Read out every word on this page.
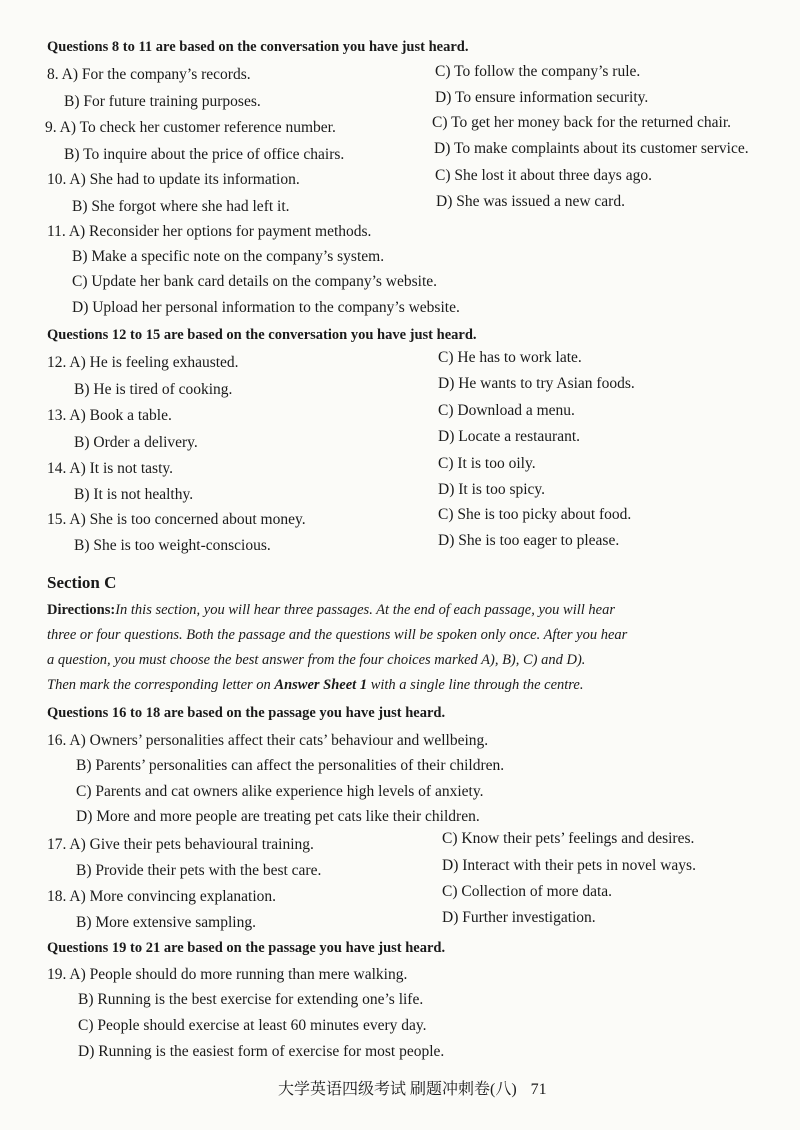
Questions 8 to 11 are based on the conversation you have just heard.
8. A) For the company’s records.	C) To follow the company’s rule.
B) For future training purposes.	D) To ensure information security.
9. A) To check her customer reference number.	C) To get her money back for the returned chair.
B) To inquire about the price of office chairs.	D) To make complaints about its customer service.
10. A) She had to update its information.	C) She lost it about three days ago.
B) She forgot where she had left it.	D) She was issued a new card.
11. A) Reconsider her options for payment methods.
B) Make a specific note on the company’s system.
C) Update her bank card details on the company’s website.
D) Upload her personal information to the company’s website.
Questions 12 to 15 are based on the conversation you have just heard.
12. A) He is feeling exhausted.	C) He has to work late.
B) He is tired of cooking.	D) He wants to try Asian foods.
13. A) Book a table.	C) Download a menu.
B) Order a delivery.	D) Locate a restaurant.
14. A) It is not tasty.	C) It is too oily.
B) It is not healthy.	D) It is too spicy.
15. A) She is too concerned about money.	C) She is too picky about food.
B) She is too weight-conscious.	D) She is too eager to please.
Section C
Directions:In this section, you will hear three passages. At the end of each passage, you will hear
three or four questions. Both the passage and the questions will be spoken only once. After you hear
a question, you must choose the best answer from the four choices marked A), B), C) and D).
Then mark the corresponding letter on Answer Sheet 1 with a single line through the centre.
Questions 16 to 18 are based on the passage you have just heard.
16. A) Owners’ personalities affect their cats’ behaviour and wellbeing.
B) Parents’ personalities can affect the personalities of their children.
C) Parents and cat owners alike experience high levels of anxiety.
D) More and more people are treating pet cats like their children.
17. A) Give their pets behavioural training.	C) Know their pets’ feelings and desires.
B) Provide their pets with the best care.	D) Interact with their pets in novel ways.
18. A) More convincing explanation.	C) Collection of more data.
B) More extensive sampling.	D) Further investigation.
Questions 19 to 21 are based on the passage you have just heard.
19. A) People should do more running than mere walking.
B) Running is the best exercise for extending one’s life.
C) People should exercise at least 60 minutes every day.
D) Running is the easiest form of exercise for most people.
大学英语四级考试 刷题冲刺卷(八) 71
